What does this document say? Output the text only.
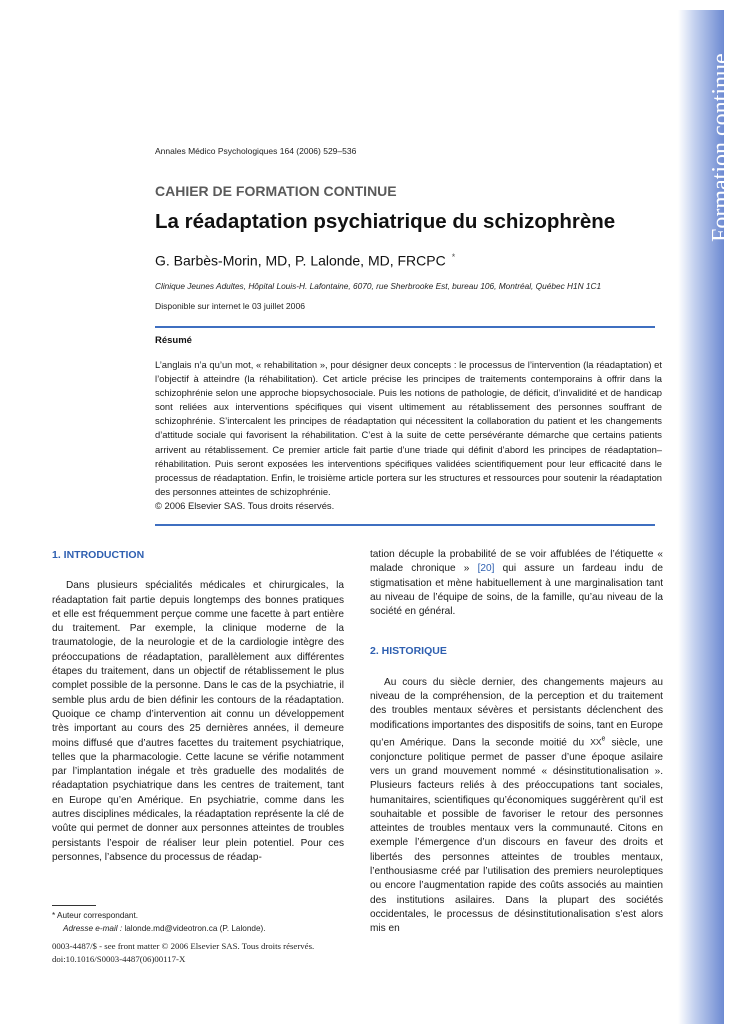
Formation continue
Annales Médico Psychologiques 164 (2006) 529–536
CAHIER DE FORMATION CONTINUE
La réadaptation psychiatrique du schizophrène
G. Barbès-Morin, MD, P. Lalonde, MD, FRCPC *
Clinique Jeunes Adultes, Hôpital Louis-H. Lafontaine, 6070, rue Sherbrooke Est, bureau 106, Montréal, Québec H1N 1C1
Disponible sur internet le 03 juillet 2006
Résumé

L’anglais n’a qu’un mot, « rehabilitation », pour désigner deux concepts : le processus de l’intervention (la réadaptation) et l’objectif à atteindre (la réhabilitation). Cet article précise les principes de traitements contemporains à offrir dans la schizophrénie selon une approche biopsychosociale. Puis les notions de pathologie, de déficit, d’invalidité et de handicap sont reliées aux interventions spécifiques qui visent ultimement au rétablissement des personnes souffrant de schizophrénie. S’intercalent les principes de réadaptation qui nécessitent la collaboration du patient et les changements d’attitude sociale qui favorisent la réhabilitation. C’est à la suite de cette persévérante démarche que certains patients arrivent au rétablissement. Ce premier article fait partie d’une triade qui définit d’abord les principes de réadaptation–réhabilitation. Puis seront exposées les interventions spécifiques validées scientifiquement pour leur efficacité dans le processus de réadaptation. Enfin, le troisième article portera sur les structures et ressources pour soutenir la réadaptation des personnes atteintes de schizophrénie.

© 2006 Elsevier SAS. Tous droits réservés.

1. INTRODUCTION

Dans plusieurs spécialités médicales et chirurgicales, la réadaptation fait partie depuis longtemps des bonnes pratiques et elle est fréquemment perçue comme une facette à part entière du traitement. Par exemple, la clinique moderne de la traumatologie, de la neurologie et de la cardiologie intègre des préoccupations de réadaptation, parallèlement aux différentes étapes du traitement, dans un objectif de rétablissement le plus complet possible de la personne. Dans le cas de la psychiatrie, il semble plus ardu de bien définir les contours de la réadaptation. Quoique ce champ d’intervention ait connu un développement très important au cours des 25 dernières années, il demeure moins diffusé que d’autres facettes du traitement psychiatrique, telles que la pharmacologie. Cette lacune se vérifie notamment par l’implantation inégale et très graduelle des modalités de réadaptation psychiatrique dans les centres de traitement, tant en Europe qu’en Amérique. En psychiatrie, comme dans les autres disciplines médicales, la réadaptation représente la clé de voûte qui permet de donner aux personnes atteintes de troubles persistants l’espoir de réaliser leur plein potentiel. Pour ces personnes, l’absence du processus de réadap-

tation décuple la probabilité de se voir affublées de l’étiquette « malade chronique » [20] qui assure un fardeau indu de stigmatisation et mène habituellement à une marginalisation tant au niveau de l’équipe de soins, de la famille, qu’au niveau de la société en général.

2. HISTORIQUE

Au cours du siècle dernier, des changements majeurs au niveau de la compréhension, de la perception et du traitement des troubles mentaux sévères et persistants déclenchent des modifications importantes des dispositifs de soins, tant en Europe qu’en Amérique. Dans la seconde moitié du XXe siècle, une conjoncture politique permet de passer d’une époque asilaire vers un grand mouvement nommé « désinstitutionalisation ». Plusieurs facteurs reliés à des préoccupations tant sociales, humanitaires, scientifiques qu’économiques suggérèrent qu’il est souhaitable et possible de favoriser le retour des personnes atteintes de troubles mentaux vers la communauté. Citons en exemple l’émergence d’un discours en faveur des droits et libertés des personnes atteintes de troubles mentaux, l’enthousiasme créé par l’utilisation des premiers neuroleptiques ou encore l’augmentation rapide des coûts associés au maintien des institutions asilaires. Dans la plupart des sociétés occidentales, le processus de désinstitutionalisation s’est alors mis en

* Auteur correspondant.
Adresse e-mail : lalonde.md@videotron.ca (P. Lalonde).
0003-4487/$ - see front matter © 2006 Elsevier SAS. Tous droits réservés.
doi:10.1016/S0003-4487(06)00117-X
